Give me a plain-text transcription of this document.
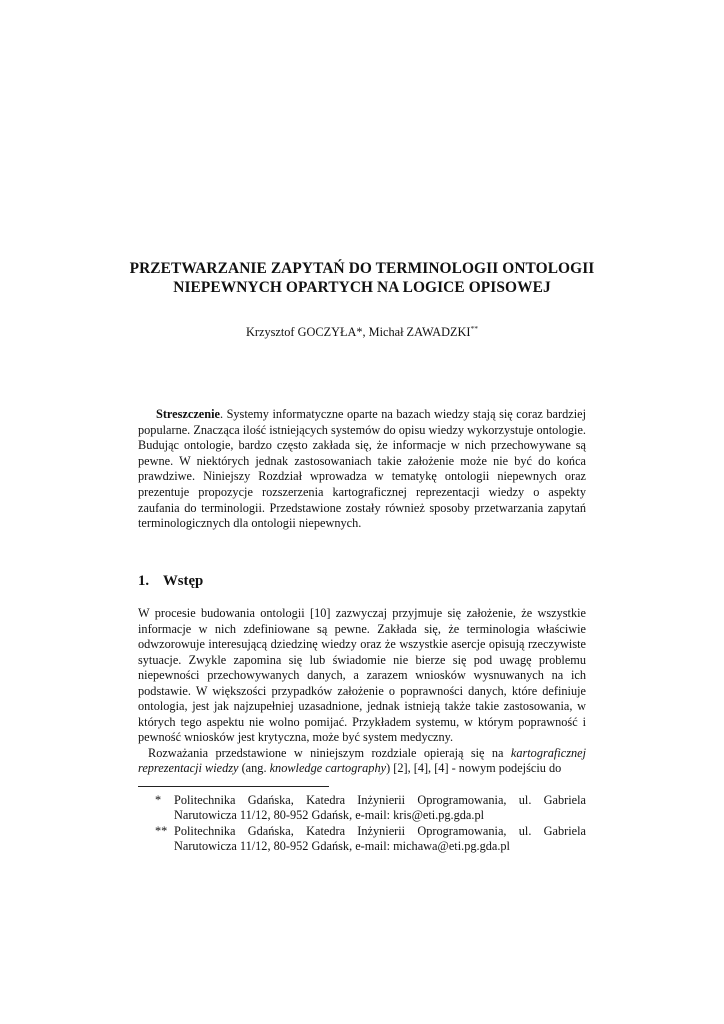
PRZETWARZANIE ZAPYTAŃ DO TERMINOLOGII ONTOLOGII
NIEPEWNYCH OPARTYCH NA LOGICE OPISOWEJ
Krzysztof GOCZYŁA*, Michał ZAWADZKI**

Streszczenie. Systemy informatyczne oparte na bazach wiedzy stają się coraz bardziej popularne. Znacząca ilość istniejących systemów do opisu wiedzy wykorzystuje ontologie. Budując ontologie, bardzo często zakłada się, że informacje w nich przechowywane są pewne. W niektórych jednak zastosowaniach takie założenie może nie być do końca prawdziwe. Niniejszy Rozdział wprowadza w tematykę ontologii niepewnych oraz prezentuje propozycje rozszerzenia kartograficznej reprezentacji wiedzy o aspekty zaufania do terminologii. Przedstawione zostały również sposoby przetwarzania zapytań terminologicznych dla ontologii niepewnych.

1. Wstęp

W procesie budowania ontologii [10] zazwyczaj przyjmuje się założenie, że wszystkie informacje w nich zdefiniowane są pewne. Zakłada się, że terminologia właściwie odwzorowuje interesującą dziedzinę wiedzy oraz że wszystkie asercje opisują rzeczywiste sytuacje. Zwykle zapomina się lub świadomie nie bierze się pod uwagę problemu niepewności przechowywanych danych, a zarazem wniosków wysnuwanych na ich podstawie. W większości przypadków założenie o poprawności danych, które definiuje ontologia, jest jak najzupełniej uzasadnione, jednak istnieją także takie zastosowania, w których tego aspektu nie wolno pomijać. Przykładem systemu, w którym poprawność i pewność wniosków jest krytyczna, może być system medyczny.

Rozważania przedstawione w niniejszym rozdziale opierają się na kartograficznej reprezentacji wiedzy (ang. knowledge cartography) [2], [4], [4] - nowym podejściu do

*	Politechnika Gdańska, Katedra Inżynierii Oprogramowania, ul. Gabriela Narutowicza 11/12, 80-952 Gdańsk, e-mail: kris@eti.pg.gda.pl
** Politechnika Gdańska, Katedra Inżynierii Oprogramowania, ul. Gabriela Narutowicza 11/12, 80-952 Gdańsk, e-mail: michawa@eti.pg.gda.pl
